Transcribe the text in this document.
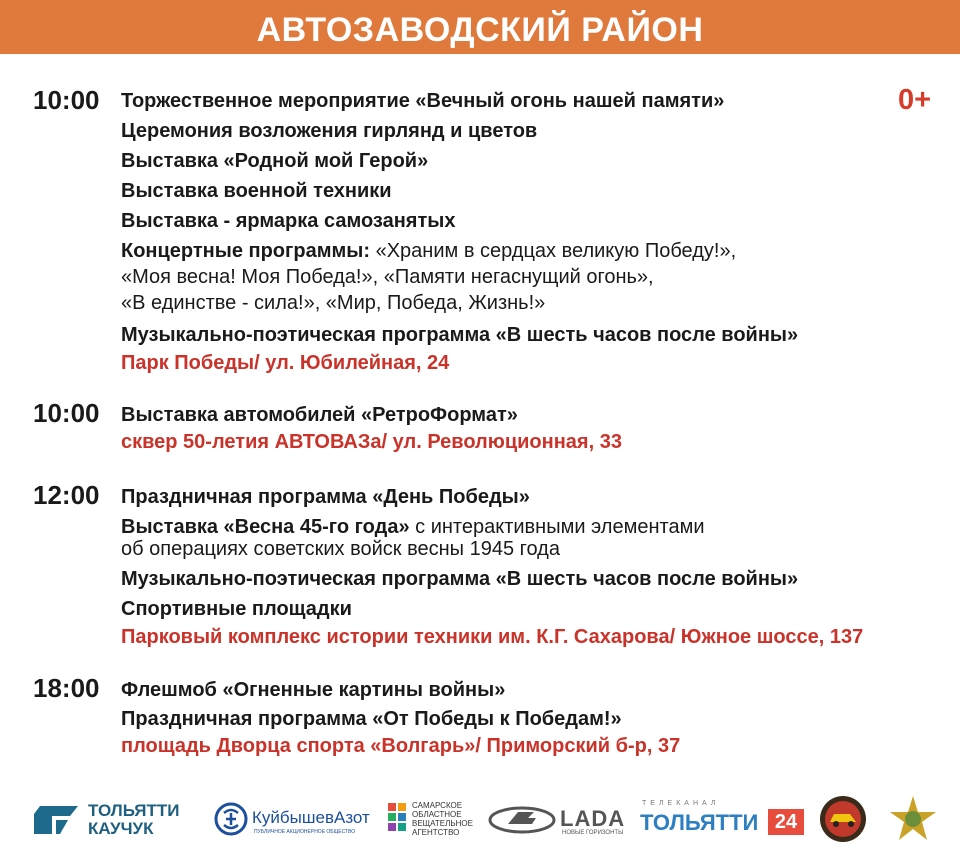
АВТОЗАВОДСКИЙ РАЙОН
0+
10:00 Торжественное мероприятие «Вечный огонь нашей памяти»
Церемония возложения гирлянд и цветов
Выставка «Родной мой Герой»
Выставка военной техники
Выставка - ярмарка самозанятых
Концертные программы: «Храним в сердцах великую Победу!»,
«Моя весна! Моя Победа!», «Памяти негаснущий огонь»,
«В единстве - сила!», «Мир, Победа, Жизнь!»
Музыкально-поэтическая программа «В шесть часов после войны»
Парк Победы/ ул. Юбилейная, 24
10:00 Выставка автомобилей «РетроФормат»
сквер 50-летия АВТОВАЗа/ ул. Революционная, 33
12:00 Праздничная программа «День Победы»
Выставка «Весна 45-го года» с интерактивными элементами
об операциях советских войск весны 1945 года
Музыкально-поэтическая программа «В шесть часов после войны»
Спортивные площадки
Парковый комплекс истории техники им. К.Г. Сахарова/ Южное шоссе, 137
18:00 Флешмоб «Огненные картины войны»
Праздничная программа «От Победы к Победам!»
площадь Дворца спорта «Волгарь»/ Приморский б-р, 37
ТОЛЬЯТТИ
КАУЧУК
КуйбышевАзот
ПУБЛИЧНОЕ АКЦИОНЕРНОЕ ОБЩЕСТВО
САМАРСКОЕ
ОБЛАСТНОЕ
ВЕЩАТЕЛЬНОЕ
АГЕНТСТВО
LADA
НОВЫЕ ГОРИЗОНТЫ
ТЕЛЕКАНАЛ
ТОЛЬЯТТИ 24
